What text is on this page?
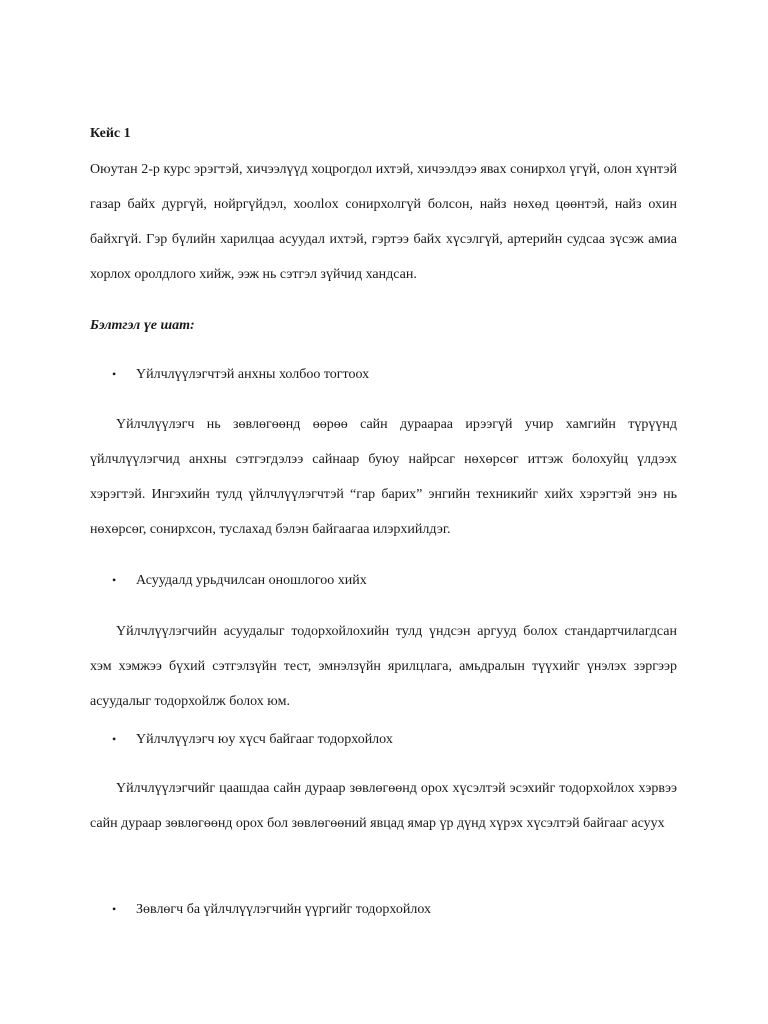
Кейс 1

Оюутан 2-р курс эрэгтэй, хичээлүүд хоцрогдол ихтэй, хичээлдээ явах сонирхол үгүй, олон хүнтэй газар байх дургүй, нойргүйдэл, хоолloх сонирхолгүй болсон, найз нөхөд цөөнтэй, найз охин байхгүй. Гэр бүлийн харилцаа асуудал ихтэй, гэртээ байх хүсэлгүй, артерийн судсаа зүсэж амиа хорлох оролдлого хийж, ээж нь сэтгэл зүйчид хандсан.

Бэлтгэл үе шат:

•	Үйлчлүүлэгчтэй анхны холбоо тогтоох

Үйлчлүүлэгч нь зөвлөгөөнд өөрөө сайн дураараа ирээгүй учир хамгийн түрүүнд үйлчлүүлэгчид анхны сэтгэгдэлээ сайнаар буюу найрсаг нөхөрсөг иттэж болохуйц үлдээх хэрэгтэй. Ингэхийн тулд үйлчлүүлэгчтэй “гар барих” энгийн техникийг хийх хэрэгтэй энэ нь нөхөрсөг, сонирхсон, туслахад бэлэн байгаагаа илэрхийлдэг.

•	Асуудалд урьдчилсан оношлогоо хийх

Үйлчлүүлэгчийн асуудалыг тодорхойлохийн тулд үндсэн аргууд болох стандартчилагдсан хэм хэмжээ бүхий сэтгэлзүйн тест, эмнэлзүйн ярилцлага, амьдралын түүхийг үнэлэх зэргээр асуудалыг тодорхойлж болох юм.

•	Үйлчлүүлэгч юу хүсч байгааг тодорхойлох

Үйлчлүүлэгчийг цаашдаа сайн дураар зөвлөгөөнд орох хүсэлтэй эсэхийг тодорхойлох хэрвээ сайн дураар зөвлөгөөнд орох бол зөвлөгөөний явцад ямар үр дүнд хүрэх хүсэлтэй байгааг асуух

•	Зөвлөгч ба үйлчлүүлэгчийн үүргийг тодорхойлох
